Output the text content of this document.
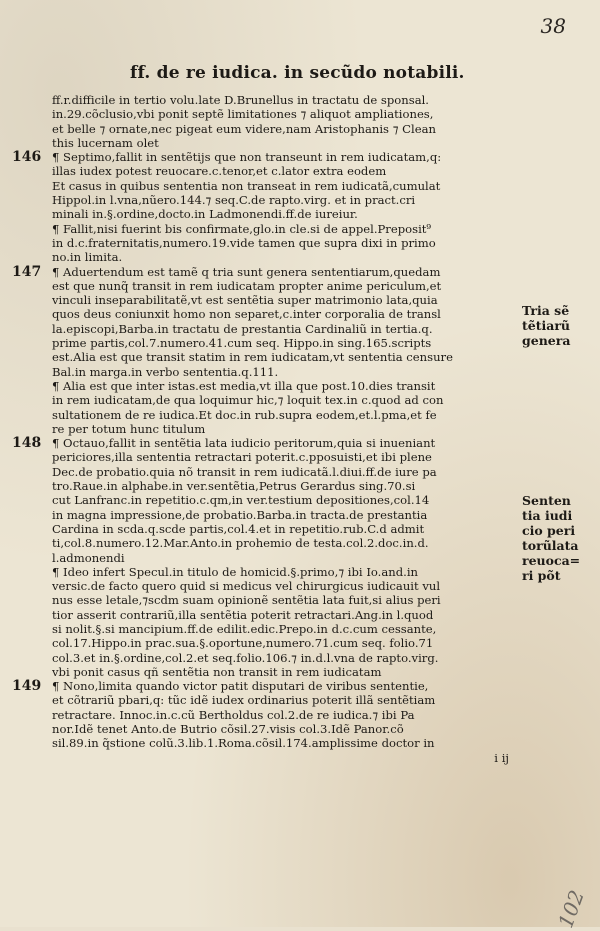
38
ff. de re iudica. in secũdo notabili.
ff.r.difficile in tertio volu.late D.Brunellus in tractatu de sponsal.
in.29.cõclusio,vbi ponit septẽ limitationes ⁊ aliquot ampliationes,
et belle ⁊ ornate,nec pigeat eum videre,nam Aristophanis ⁊ Clean
this lucernam olet
146 ¶ Septimo,fallit in sentẽtijs que non transeunt in rem iudicatam,q:
illas iudex potest reuocare.c.tenor,et c.lator extra eodem
Et casus in quibus sententia non transeat in rem iudicatã,cumulat
Hippol.in l.vna,nũero.144.⁊ seq.C.de rapto.virg. et in pract.cri
minali in.§.ordine,docto.in Ladmonendi.ff.de iureiur.
¶ Fallit,nisi fuerint bis confirmate,glo.in cle.si de appel.Preposit⁹
in d.c.fraternitatis,numero.19.vide tamen que supra dixi in primo
no.in limita.
147 ¶ Aduertendum est tamẽ q tria sunt genera sententiarum,quedam
est que nunq̃ transit in rem iudicatam propter anime periculum,et
vinculi inseparabilitatẽ,vt est sentẽtia super matrimonio lata,quia
quos deus coniunxit homo non separet,c.inter corporalia de transl
la.episcopi,Barba.in tractatu de prestantia Cardinaliũ in tertia.q.
prime partis,col.7.numero.41.cum seq. Hippo.in sing.165.scripts
est.Alia est que transit statim in rem iudicatam,vt sententia censure
Bal.in marga.in verbo sententia.q.111.
¶ Alia est que inter istas.est media,vt illa que post.10.dies transit
in rem iudicatam,de qua loquimur hic,⁊ loquit tex.in c.quod ad con
sultationem de re iudica.Et doc.in rub.supra eodem,et.l.pma,et fe
re per totum hunc titulum
148 ¶ Octauo,fallit in sentẽtia lata iudicio peritorum,quia si inueniant
periciores,illa sententia retractari poterit.c.pposuisti,et ibi plene
Dec.de probatio.quia nõ transit in rem iudicatã.l.diui.ff.de iure pa
tro.Raue.in alphabe.in ver.sentẽtia,Petrus Gerardus sing.70.si
cut Lanfranc.in repetitio.c.qm,in ver.testium depositiones,col.14
in magna impressione,de probatio.Barba.in tracta.de prestantia
Cardina in scda.q.scde partis,col.4.et in repetitio.rub.C.d admit
ti,col.8.numero.12.Mar.Anto.in prohemio de testa.col.2.doc.in.d.
l.admonendi
¶ Ideo infert Specul.in titulo de homicid.§.primo,⁊ ibi Io.and.in
versic.de facto quero quid si medicus vel chirurgicus iudicauit vul
nus esse letale,⁊scdm suam opinionẽ sentẽtia lata fuit,si alius peri
tior asserit contrariũ,illa sentẽtia poterit retractari.Ang.in l.quod
si nolit.§.si mancipium.ff.de edilit.edic.Prepo.in d.c.cum cessante,
col.17.Hippo.in prac.sua.§.oportune,numero.71.cum seq. folio.71
col.3.et in.§.ordine,col.2.et seq.folio.106.⁊ in.d.l.vna de rapto.virg.
vbi ponit casus qñ sentẽtia non transit in rem iudicatam
149 ¶ Nono,limita quando victor patit disputari de viribus sententie,
et cõtrariũ pbari,q: tũc idẽ iudex ordinarius poterit illã sentẽtiam
retractare. Innoc.in.c.cũ Bertholdus col.2.de re iudica.⁊ ibi Pa
nor.Idẽ tenet Anto.de Butrio cõsil.27.visis col.3.Idẽ Panor.cõ
sil.89.in q̃stione colũ.3.lib.1.Roma.cõsil.174.amplissime doctor in
i ij
Tria sẽ
tẽtiarũ
genera
Senten
tia iudi
cio peri
torũlata
reuoca=
ri põt
102
